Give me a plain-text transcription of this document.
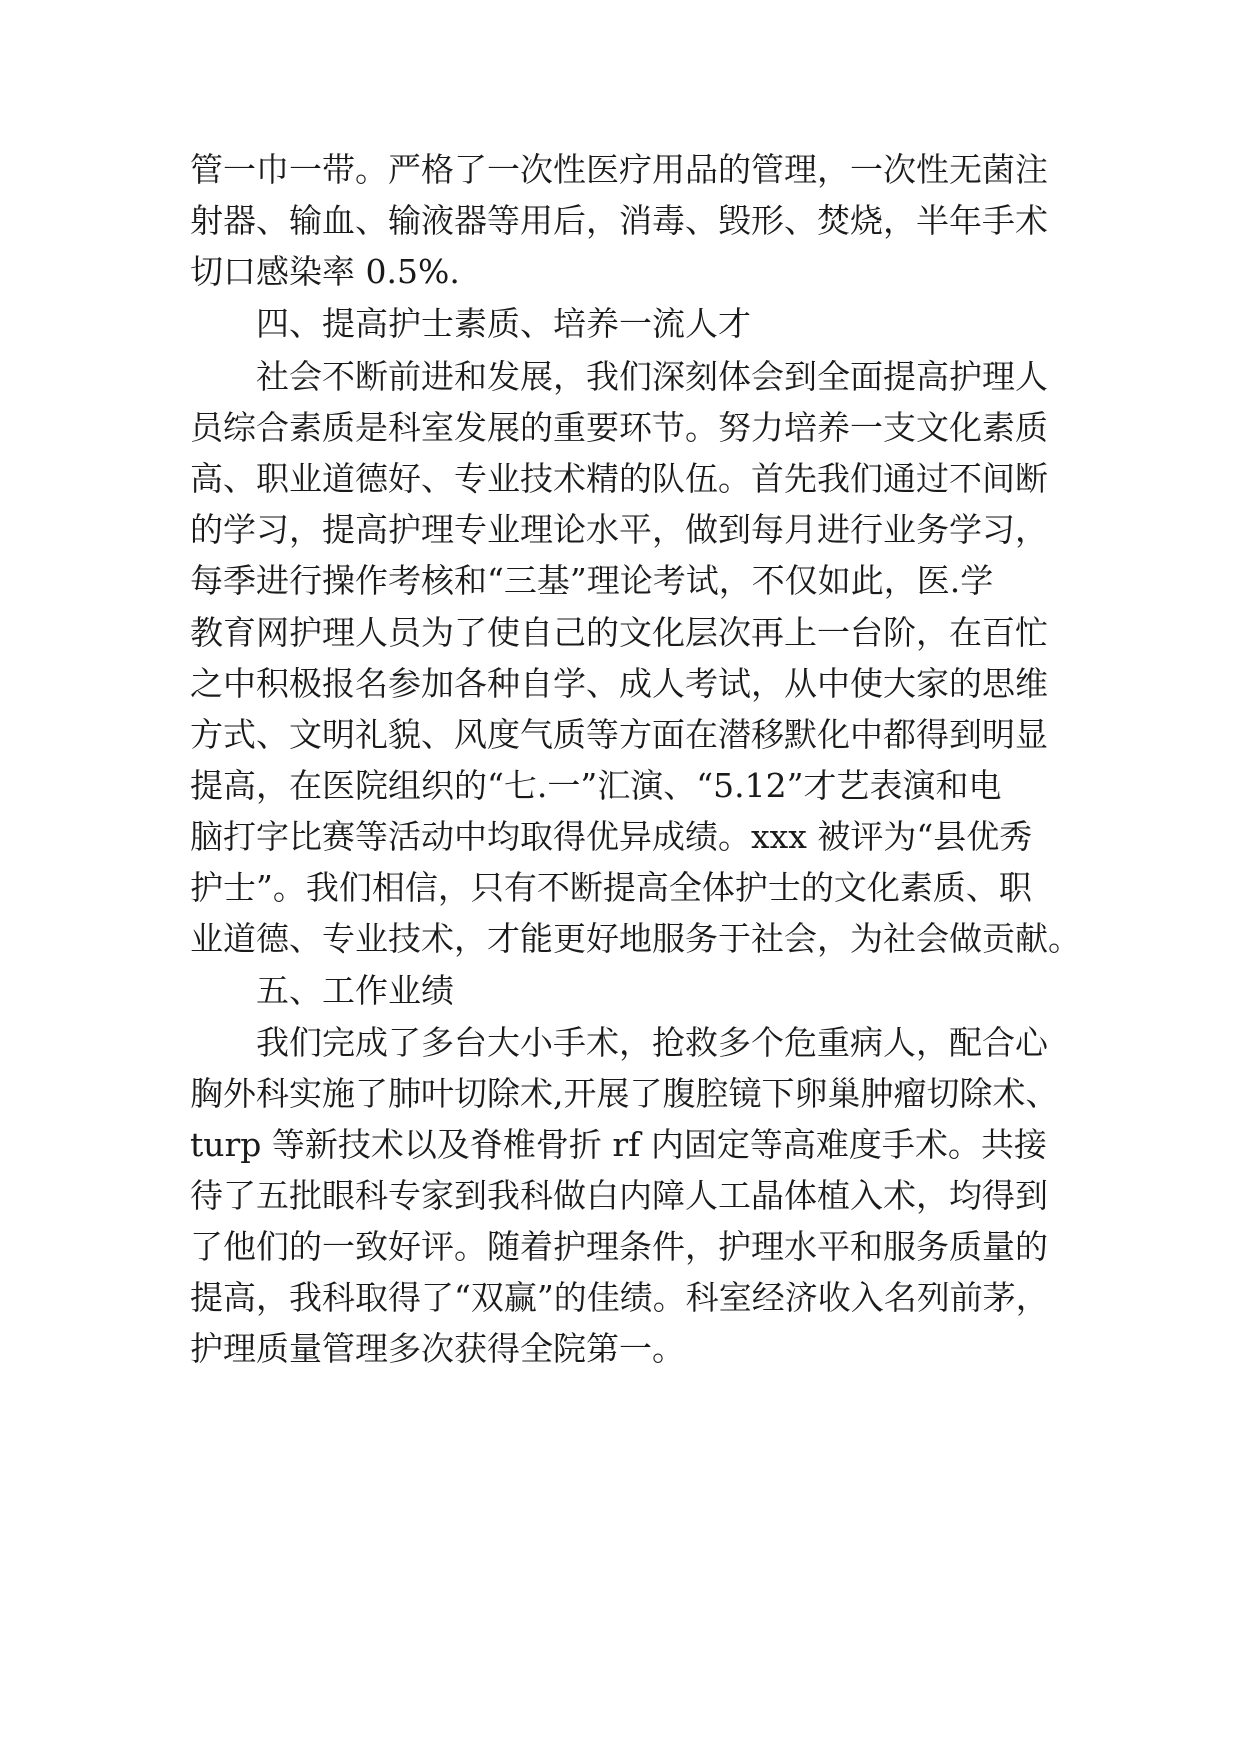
管一巾一带。严格了一次性医疗用品的管理，一次性无菌注
射器、输血、输液器等用后，消毒、毁形、焚烧，半年手术
切口感染率 0.5%.
四、提高护士素质、培养一流人才
社会不断前进和发展，我们深刻体会到全面提高护理人
员综合素质是科室发展的重要环节。努力培养一支文化素质
高、职业道德好、专业技术精的队伍。首先我们通过不间断
的学习，提高护理专业理论水平，做到每月进行业务学习，
每季进行操作考核和“三基”理论考试，不仅如此，医.学
教育网护理人员为了使自己的文化层次再上一台阶，在百忙
之中积极报名参加各种自学、成人考试，从中使大家的思维
方式、文明礼貌、风度气质等方面在潜移默化中都得到明显
提高，在医院组织的“七.一”汇演、“5.12”才艺表演和电
脑打字比赛等活动中均取得优异成绩。xxx 被评为“县优秀
护士”。我们相信，只有不断提高全体护士的文化素质、职
业道德、专业技术，才能更好地服务于社会，为社会做贡献。
五、工作业绩
我们完成了多台大小手术，抢救多个危重病人，配合心
胸外科实施了肺叶切除术,开展了腹腔镜下卵巢肿瘤切除术、
turp 等新技术以及脊椎骨折 rf 内固定等高难度手术。共接
待了五批眼科专家到我科做白内障人工晶体植入术，均得到
了他们的一致好评。随着护理条件，护理水平和服务质量的
提高，我科取得了“双赢”的佳绩。科室经济收入名列前茅，
护理质量管理多次获得全院第一。
